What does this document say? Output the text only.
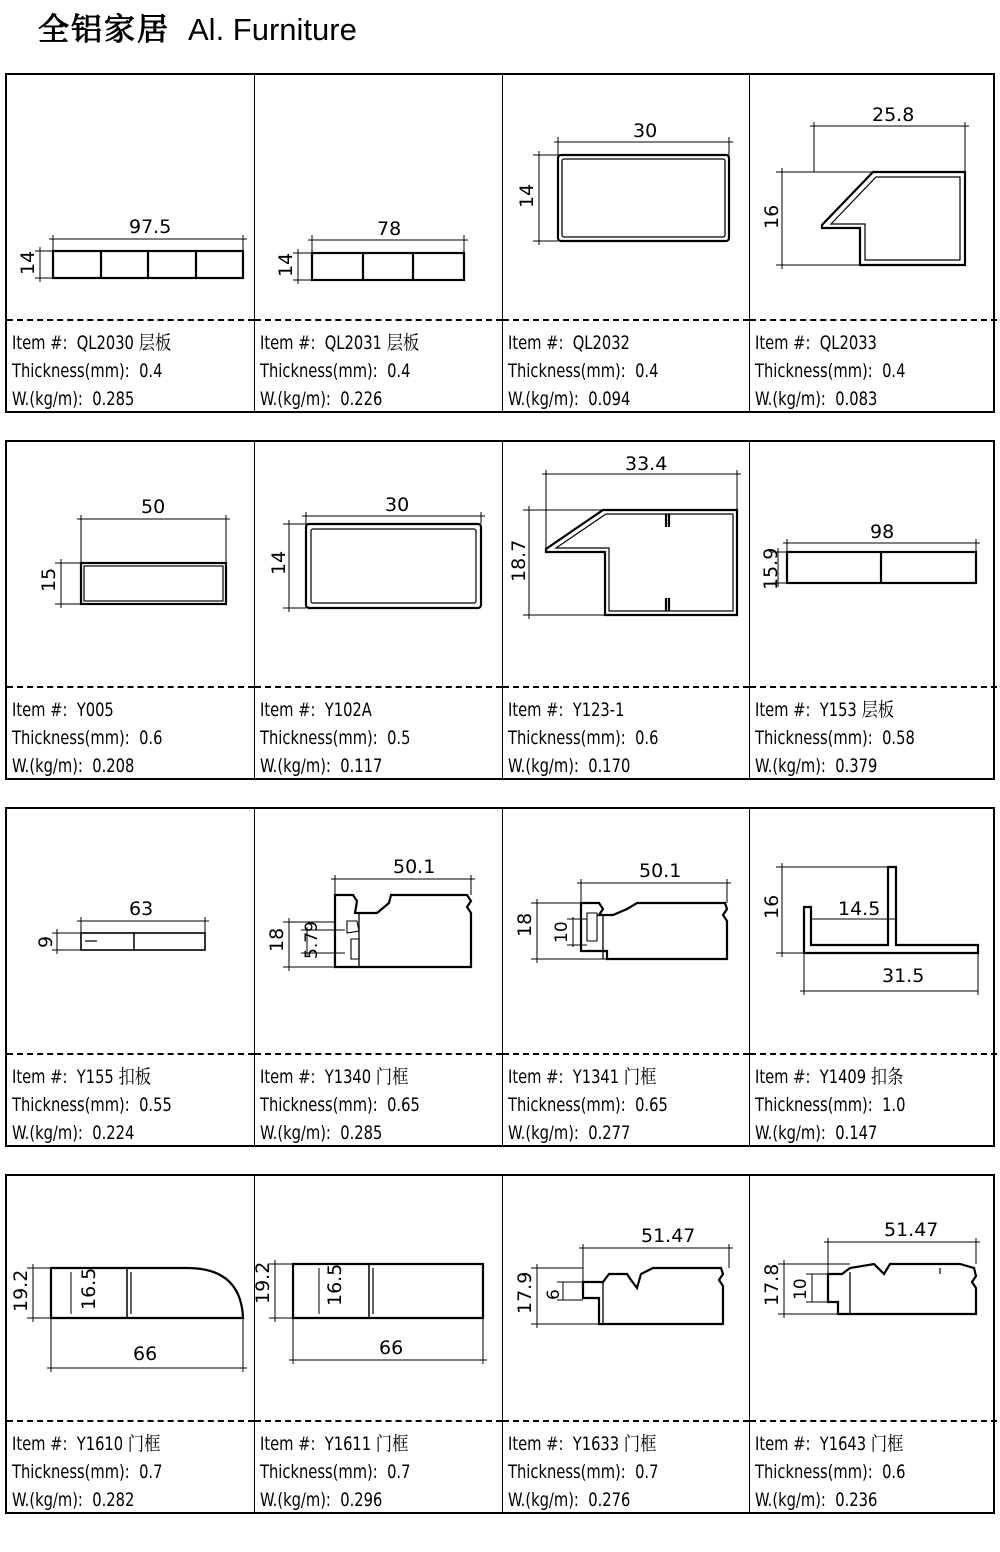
全铝家居 Al. Furniture
97.5
14
Item #: QL2030 层板
Thickness(mm): 0.4
W.(kg/m): 0.285
78
14
Item #: QL2031 层板
Thickness(mm): 0.4
W.(kg/m): 0.226
30
14
Item #: QL2032
Thickness(mm): 0.4
W.(kg/m): 0.094
25.8
16
Item #: QL2033
Thickness(mm): 0.4
W.(kg/m): 0.083
50
15
Item #: Y005
Thickness(mm): 0.6
W.(kg/m): 0.208
30
14
Item #: Y102A
Thickness(mm): 0.5
W.(kg/m): 0.117
33.4
18.7
Item #: Y123-1
Thickness(mm): 0.6
W.(kg/m): 0.170
98
15.9
Item #: Y153 层板
Thickness(mm): 0.58
W.(kg/m): 0.379
63
9
Item #: Y155 扣板
Thickness(mm): 0.55
W.(kg/m): 0.224
50.1
18 5.79
Item #: Y1340 门框
Thickness(mm): 0.65
W.(kg/m): 0.285
50.1
18 10
Item #: Y1341 门框
Thickness(mm): 0.65
W.(kg/m): 0.277
16	14.5
31.5
Item #: Y1409 扣条
Thickness(mm): 1.0
W.(kg/m): 0.147
19.2 16.5
66
Item #: Y1610 门框
Thickness(mm): 0.7
W.(kg/m): 0.282
19.2	16.5
66
Item #: Y1611 门框
Thickness(mm): 0.7
W.(kg/m): 0.296
51.47
17.9 6
Item #: Y1633 门框
Thickness(mm): 0.7
W.(kg/m): 0.276
51.47
17.8 10
Item #: Y1643 门框
Thickness(mm): 0.6
W.(kg/m): 0.236
